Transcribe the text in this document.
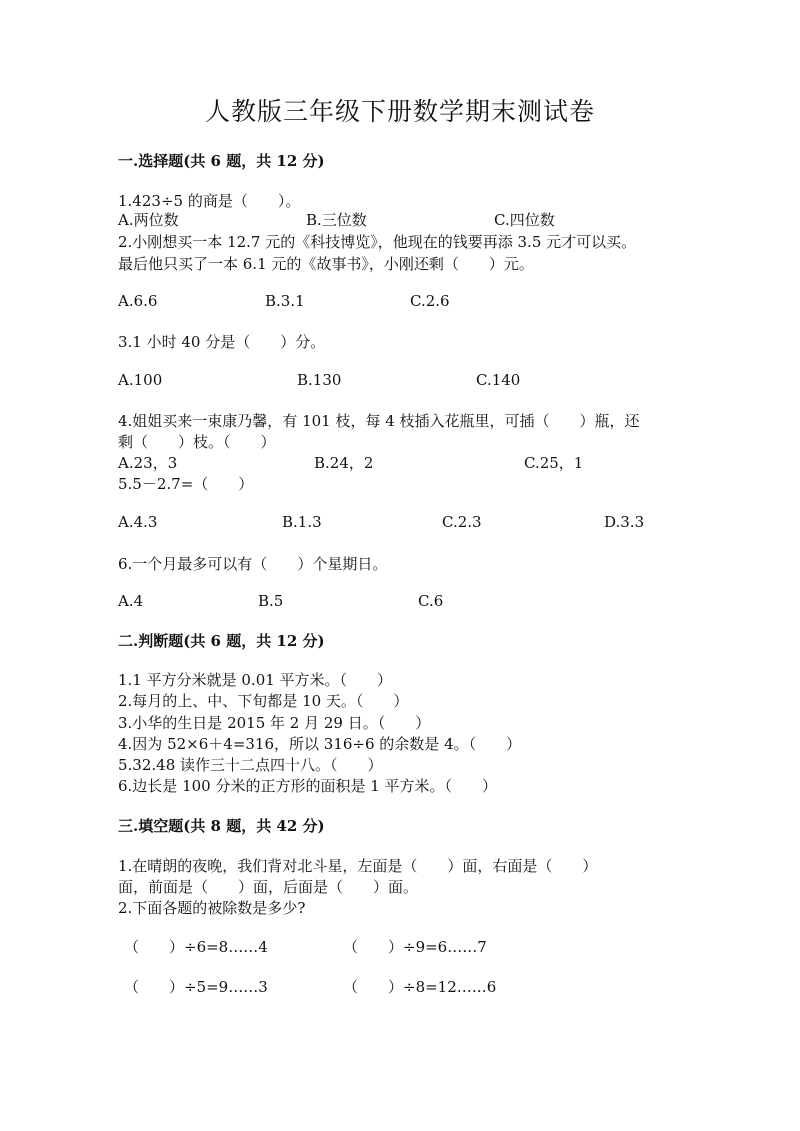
人教版三年级下册数学期末测试卷
一.选择题(共 6 题，共 12 分)
1.423÷5 的商是（　　）。
A.两位数	B.三位数	C.四位数
2.小刚想买一本 12.7 元的《科技博览》，他现在的钱要再添 3.5 元才可以买。
最后他只买了一本 6.1 元的《故事书》，小刚还剩（　　）元。
A.6.6	B.3.1	C.2.6
3.1 小时 40 分是（　　）分。
A.100	B.130	C.140
4.姐姐买来一束康乃馨，有 101 枝，每 4 枝插入花瓶里，可插（　　）瓶，还
剩（　　）枝。（　　）
A.23，3	B.24，2	C.25，1
5.5－2.7=（　　）
A.4.3	B.1.3	C.2.3	D.3.3
6.一个月最多可以有（　　）个星期日。
A.4	B.5	C.6
二.判断题(共 6 题，共 12 分)
1.1 平方分米就是 0.01 平方米。（　　）
2.每月的上、中、下旬都是 10 天。（　　）
3.小华的生日是 2015 年 2 月 29 日。（　　）
4.因为 52×6＋4=316，所以 316÷6 的余数是 4。（　　）
5.32.48 读作三十二点四十八。（　　）
6.边长是 100 分米的正方形的面积是 1 平方米。（　　）
三.填空题(共 8 题，共 42 分)
1.在晴朗的夜晚，我们背对北斗星，左面是（　　）面，右面是（　　）
面，前面是（　　）面，后面是（　　）面。
2.下面各题的被除数是多少?
（　　）÷6=8……4	（　　）÷9=6……7
（　　）÷5=9……3	（　　）÷8=12……6
